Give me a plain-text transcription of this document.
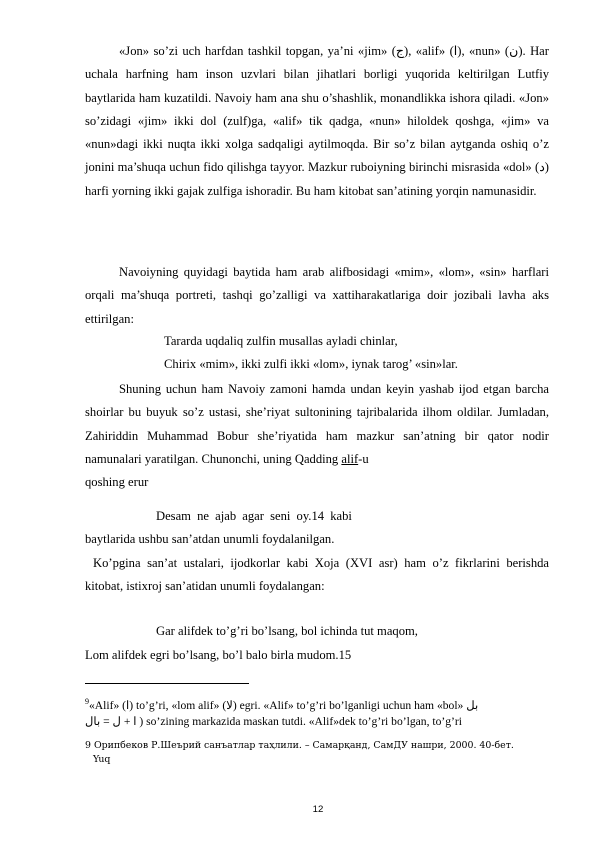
«Jon» so’zi uch harfdan tashkil topgan, ya’ni «jim» (ج), «alif» (ا), «nun» (ن). Har uchala harfning ham inson uzvlari bilan jihatlari borligi yuqorida keltirilgan Lutfiy baytlarida ham kuzatildi. Navoiy ham ana shu o’shashlik, monandlikka ishora qiladi. «Jon» so’zidagi «jim» ikki dol (zulf)ga, «alif» tik qadga, «nun» hiloldek qoshga, «jim» va «nun»dagi ikki nuqta ikki xolga sadqaligi aytilmoqda. Bir so’z bilan aytganda oshiq o’z jonini ma’shuqa uchun fido qilishga tayyor. Mazkur ruboiyning birinchi misrasida «dol» (د) harfi yorning ikki gajak zulfiga ishoradir. Bu ham kitobat san’atining yorqin namunasidir.

Navoiyning quyidagi baytida ham arab alifbosidagi «mim», «lom», «sin» harflari orqali ma’shuqa portreti, tashqi go’zalligi va xattiharakatlariga doir jozibali lavha aks ettirilgan:

Tararda uqdaliq zulfin musallas ayladi chinlar,
Chirix «mim», ikki zulfi ikki «lom», iynak tarog’ «sin»lar.

Shuning uchun ham Navoiy zamoni hamda undan keyin yashab ijod etgan barcha shoirlar bu buyuk so’z ustasi, she’riyat sultonining tajribalarida ilhom oldilar. Jumladan, Zahiriddin Muhammad Bobur she’riyatida ham mazkur san’atning bir qator nodir namunalari yaratilgan. Chunonchi, uning Qadding alif-u
qoshing erur

Desam ne ajab agar seni oy.14 kabi
baytlarida ushbu san’atdan unumli foydalanilgan.

Ko’pgina san’at ustalari, ijodkorlar kabi Xoja (XVI asr) ham o’z fikrlarini berishda kitobat, istixroj san’atidan unumli foydalangan:

Gar alifdek to’g’ri bo’lsang, bol ichinda tut maqom,
Lom alifdek egri bo’lsang, bo’l balo birla mudom.15

$^9$«Alif» (ا) to’g’ri, «lom alif» (لا) egri. «Alif» to’g’ri bo’lganligi uchun ham «bol» بل

ا + ل = بال ) so’zining markazida maskan tutdi. «Alif»dek to’g’ri bo’lgan, to’g’ri

9 Орипбеков Р.Шеърий санъатлар таҳлили. – Самарқанд, СамДУ нашри, 2000. 40-бет.
Yuq
12
